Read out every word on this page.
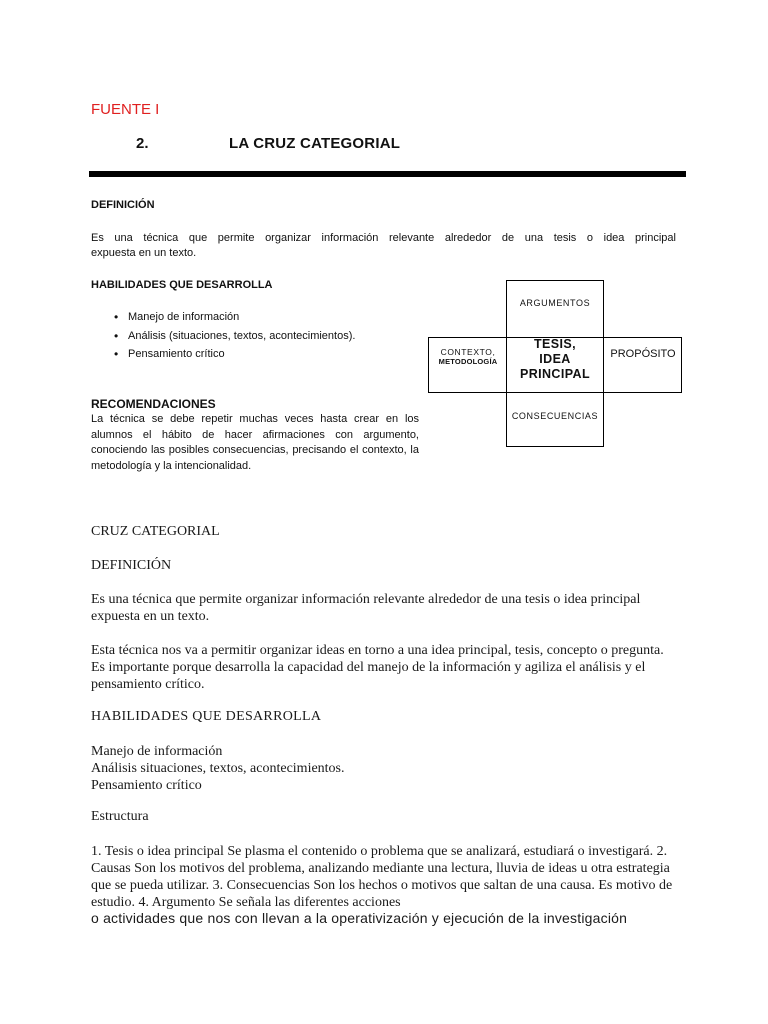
FUENTE I
2.	LA CRUZ CATEGORIAL
DEFINICIÓN
Es una técnica que permite organizar información relevante alrededor de una tesis o idea principal
expuesta en un texto.
HABILIDADES QUE DESARROLLA
• Manejo de información
• Análisis (situaciones, textos, acontecimientos).
• Pensamiento crítico
RECOMENDACIONES
La técnica se debe repetir muchas veces hasta crear en los alumnos el hábito de hacer afirmaciones con argumento, conociendo las posibles consecuencias, precisando el contexto, la metodología y la intencionalidad.
ARGUMENTOS
CONTEXTO,
METODOLOGÍA
TESIS,
IDEA
PRINCIPAL
PROPÓSITO
CONSECUENCIAS
CRUZ CATEGORIAL
DEFINICIÓN
Es una técnica que permite organizar información relevante alrededor de una tesis o idea principal expuesta en un texto.
Esta técnica nos va a permitir organizar ideas en torno a una idea principal, tesis, concepto o pregunta. Es importante porque desarrolla la capacidad del manejo de la información y agiliza el análisis y el pensamiento crítico.
HABILIDADES QUE DESARROLLA
Manejo de información
Análisis situaciones, textos, acontecimientos.
Pensamiento crítico
Estructura
1. Tesis o idea principal Se plasma el contenido o problema que se analizará, estudiará o investigará. 2. Causas Son los motivos del problema, analizando mediante una lectura, lluvia de ideas u otra estrategia que se pueda utilizar. 3. Consecuencias Son los hechos o motivos que saltan de una causa. Es motivo de estudio. 4. Argumento Se señala las diferentes acciones
o actividades que nos con llevan a la operativización y ejecución de la investigación
